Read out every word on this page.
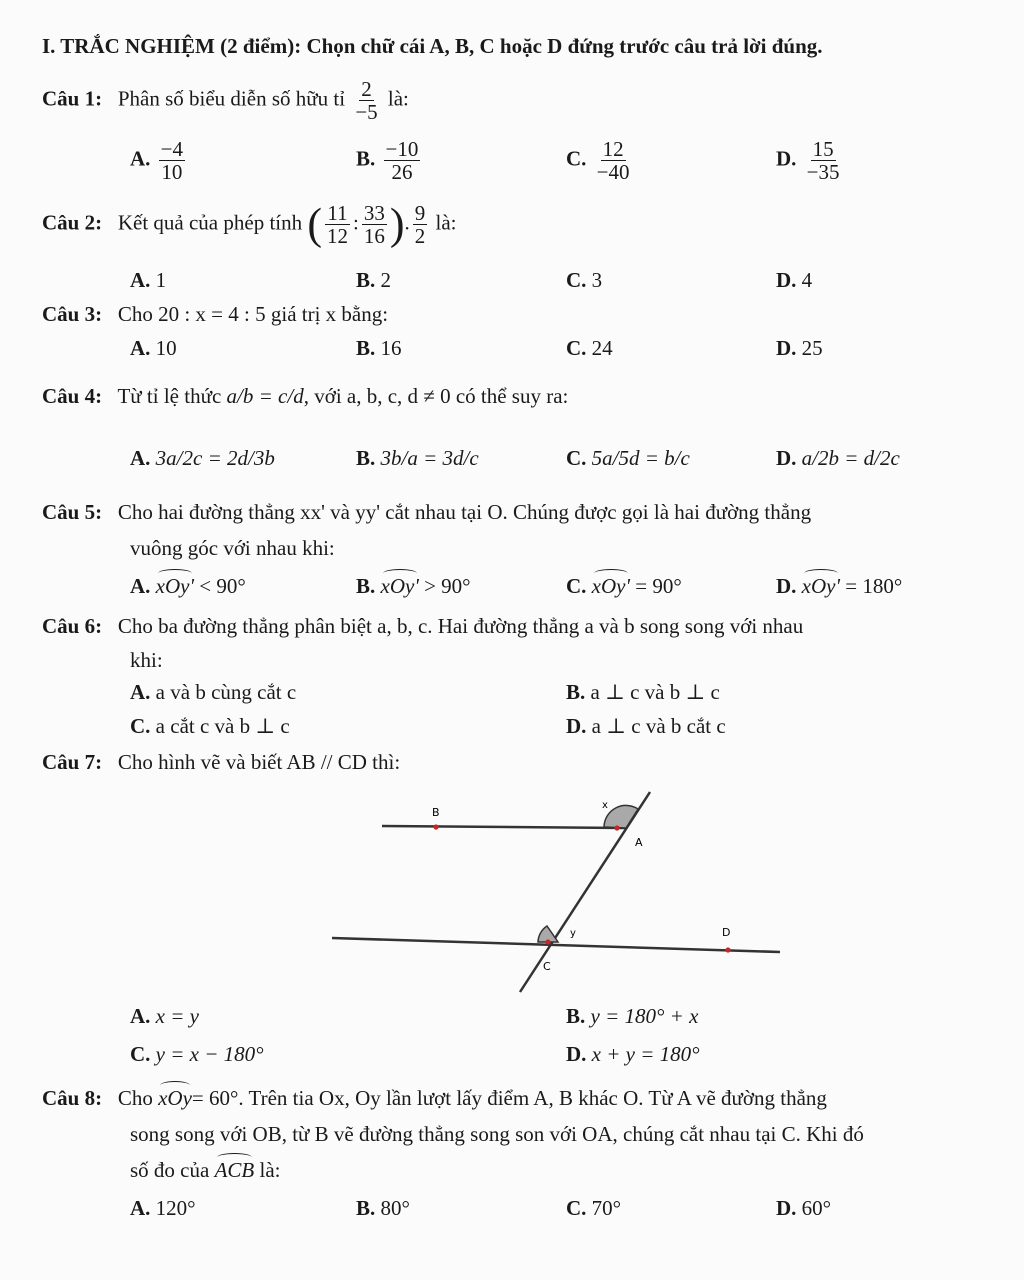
I. TRẮC NGHIỆM (2 điểm): Chọn chữ cái A, B, C hoặc D đứng trước câu trả lời đúng.
Câu 1: Phân số biểu diễn số hữu tỉ $\frac{2}{-5}$ là:
A. $\frac{-4}{10}$	B. $\frac{-10}{26}$	C. $\frac{12}{-40}$	D. $\frac{15}{-35}$
Câu 2: Kết quả của phép tính ( $\frac{11}{12}$ : $\frac{33}{16}$ ). $\frac{9}{2}$ là:
A. 1	B. 2	C. 3	D. 4
Câu 3: Cho 20 : x = 4 : 5 giá trị x bằng:
A. 10	B. 16	C. 24	D. 25
Câu 4: Từ tỉ lệ thức a/b = c/d, với a, b, c, d ≠ 0 có thể suy ra:
A. 3a/2c = 2d/3b	B. 3b/a = 3d/c	C. 5a/5d = b/c	D. a/2b = d/2c
Câu 5: Cho hai đường thẳng xx' và yy' cắt nhau tại O. Chúng được gọi là hai đường thẳng
vuông góc với nhau khi:
A. xOy' < 90°	B. xOy' > 90°	C. xOy' = 90°	D. xOy' = 180°
Câu 6: Cho ba đường thẳng phân biệt a, b, c. Hai đường thẳng a và b song song với nhau
khi:
A. a và b cùng cắt c	B. a ⊥ c và b ⊥ c
C. a cắt c và b ⊥ c	D. a ⊥ c và b cắt c
Câu 7: Cho hình vẽ và biết AB // CD thì:
B
x
A
y	D
C
A. x = y	B. y = 180° + x
C. y = x − 180°	D. x + y = 180°
Câu 8: Cho xOy= 60°. Trên tia Ox, Oy lần lượt lấy điểm A, B khác O. Từ A vẽ đường thẳng
song song với OB, từ B vẽ đường thẳng song son với OA, chúng cắt nhau tại C. Khi đó
số đo của ACB là:
A. 120°	B. 80°	C. 70°	D. 60°
